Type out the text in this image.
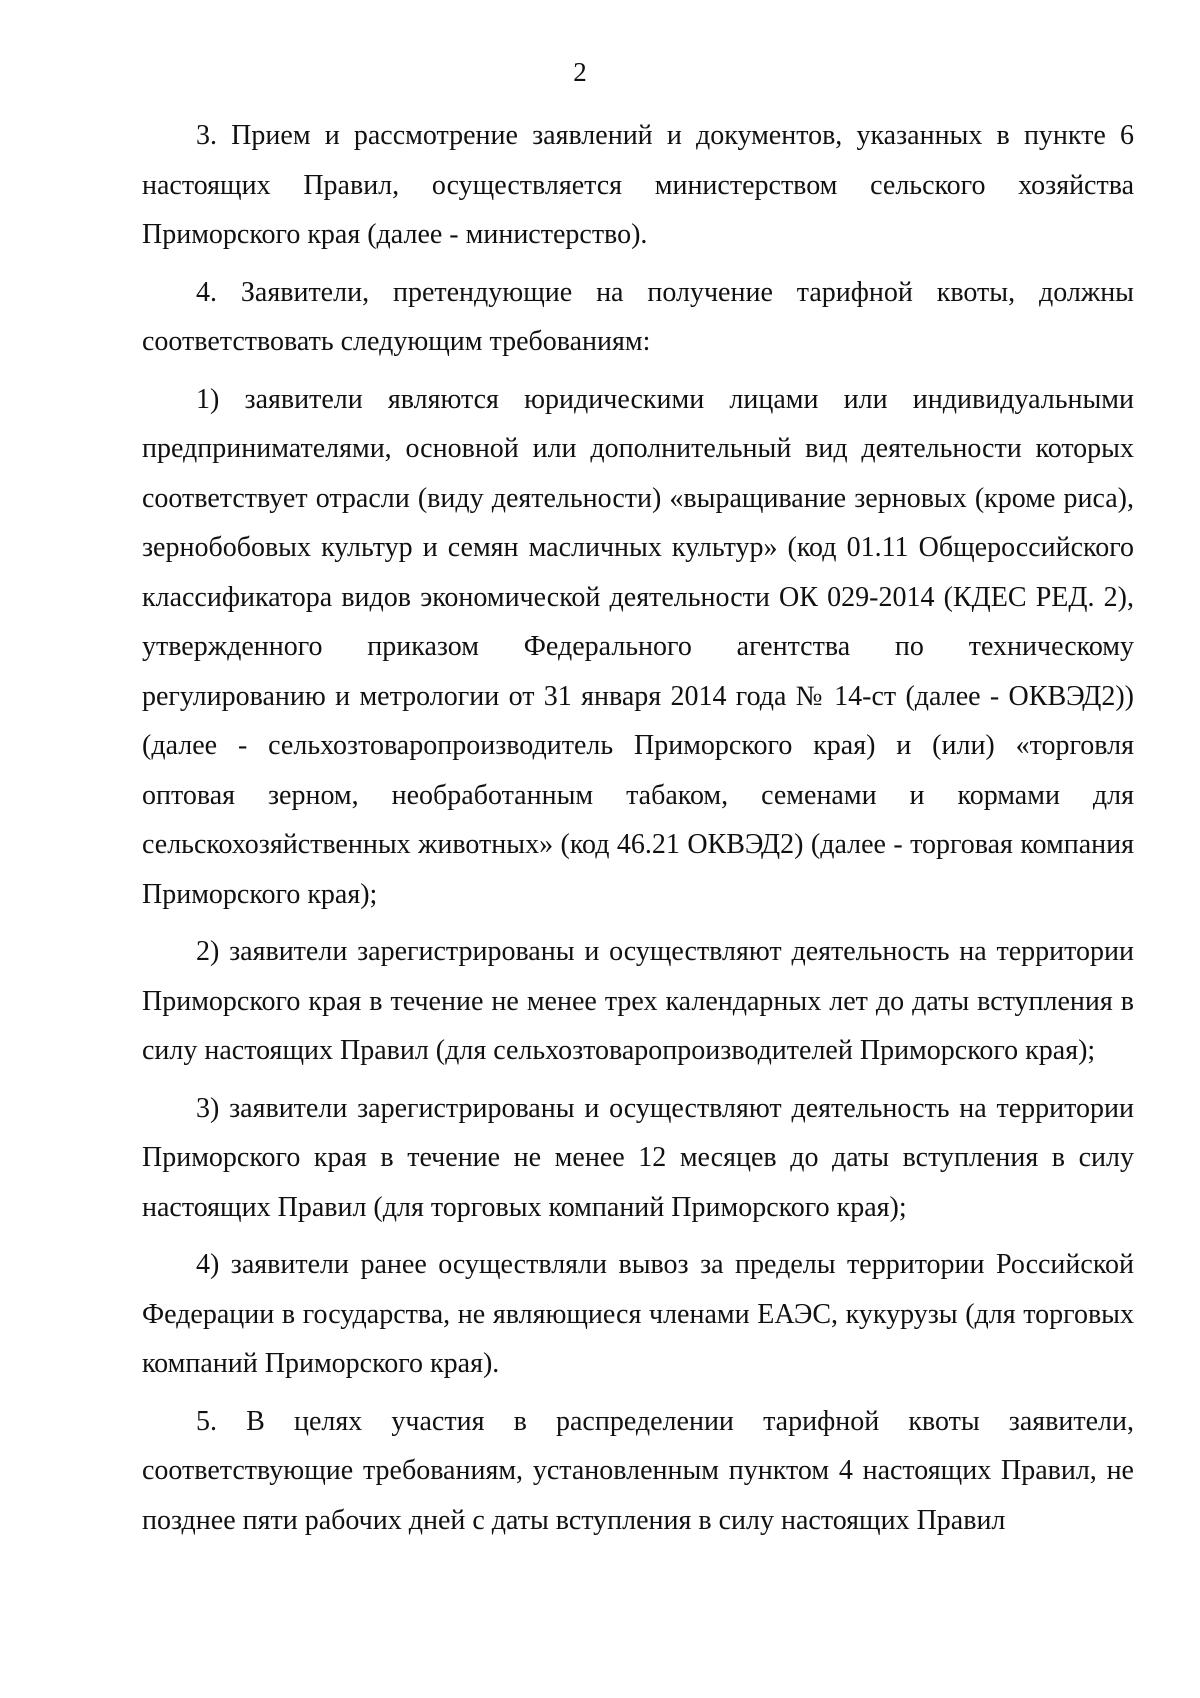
2

3. Прием и рассмотрение заявлений и документов, указанных в пункте 6 настоящих Правил, осуществляется министерством сельского хозяйства Приморского края (далее - министерство).

4. Заявители, претендующие на получение тарифной квоты, должны соответствовать следующим требованиям:

1) заявители являются юридическими лицами или индивидуальными предпринимателями, основной или дополнительный вид деятельности которых соответствует отрасли (виду деятельности) «выращивание зерновых (кроме риса), зернобобовых культур и семян масличных культур» (код 01.11 Общероссийского классификатора видов экономической деятельности ОК 029-2014 (КДЕС РЕД. 2), утвержденного приказом Федерального агентства по техническому регулированию и метрологии от 31 января 2014 года № 14-ст (далее - ОКВЭД2)) (далее - сельхозтоваропроизводитель Приморского края) и (или) «торговля оптовая зерном, необработанным табаком, семенами и кормами для сельскохозяйственных животных» (код 46.21 ОКВЭД2) (далее - торговая компания Приморского края);

2) заявители зарегистрированы и осуществляют деятельность на территории Приморского края в течение не менее трех календарных лет до даты вступления в силу настоящих Правил (для сельхозтоваропроизводителей Приморского края);

3) заявители зарегистрированы и осуществляют деятельность на территории Приморского края в течение не менее 12 месяцев до даты вступления в силу настоящих Правил (для торговых компаний Приморского края);

4) заявители ранее осуществляли вывоз за пределы территории Российской Федерации в государства, не являющиеся членами ЕАЭС, кукурузы (для торговых компаний Приморского края).

5. В целях участия в распределении тарифной квоты заявители, соответствующие требованиям, установленным пунктом 4 настоящих Правил, не позднее пяти рабочих дней с даты вступления в силу настоящих Правил
